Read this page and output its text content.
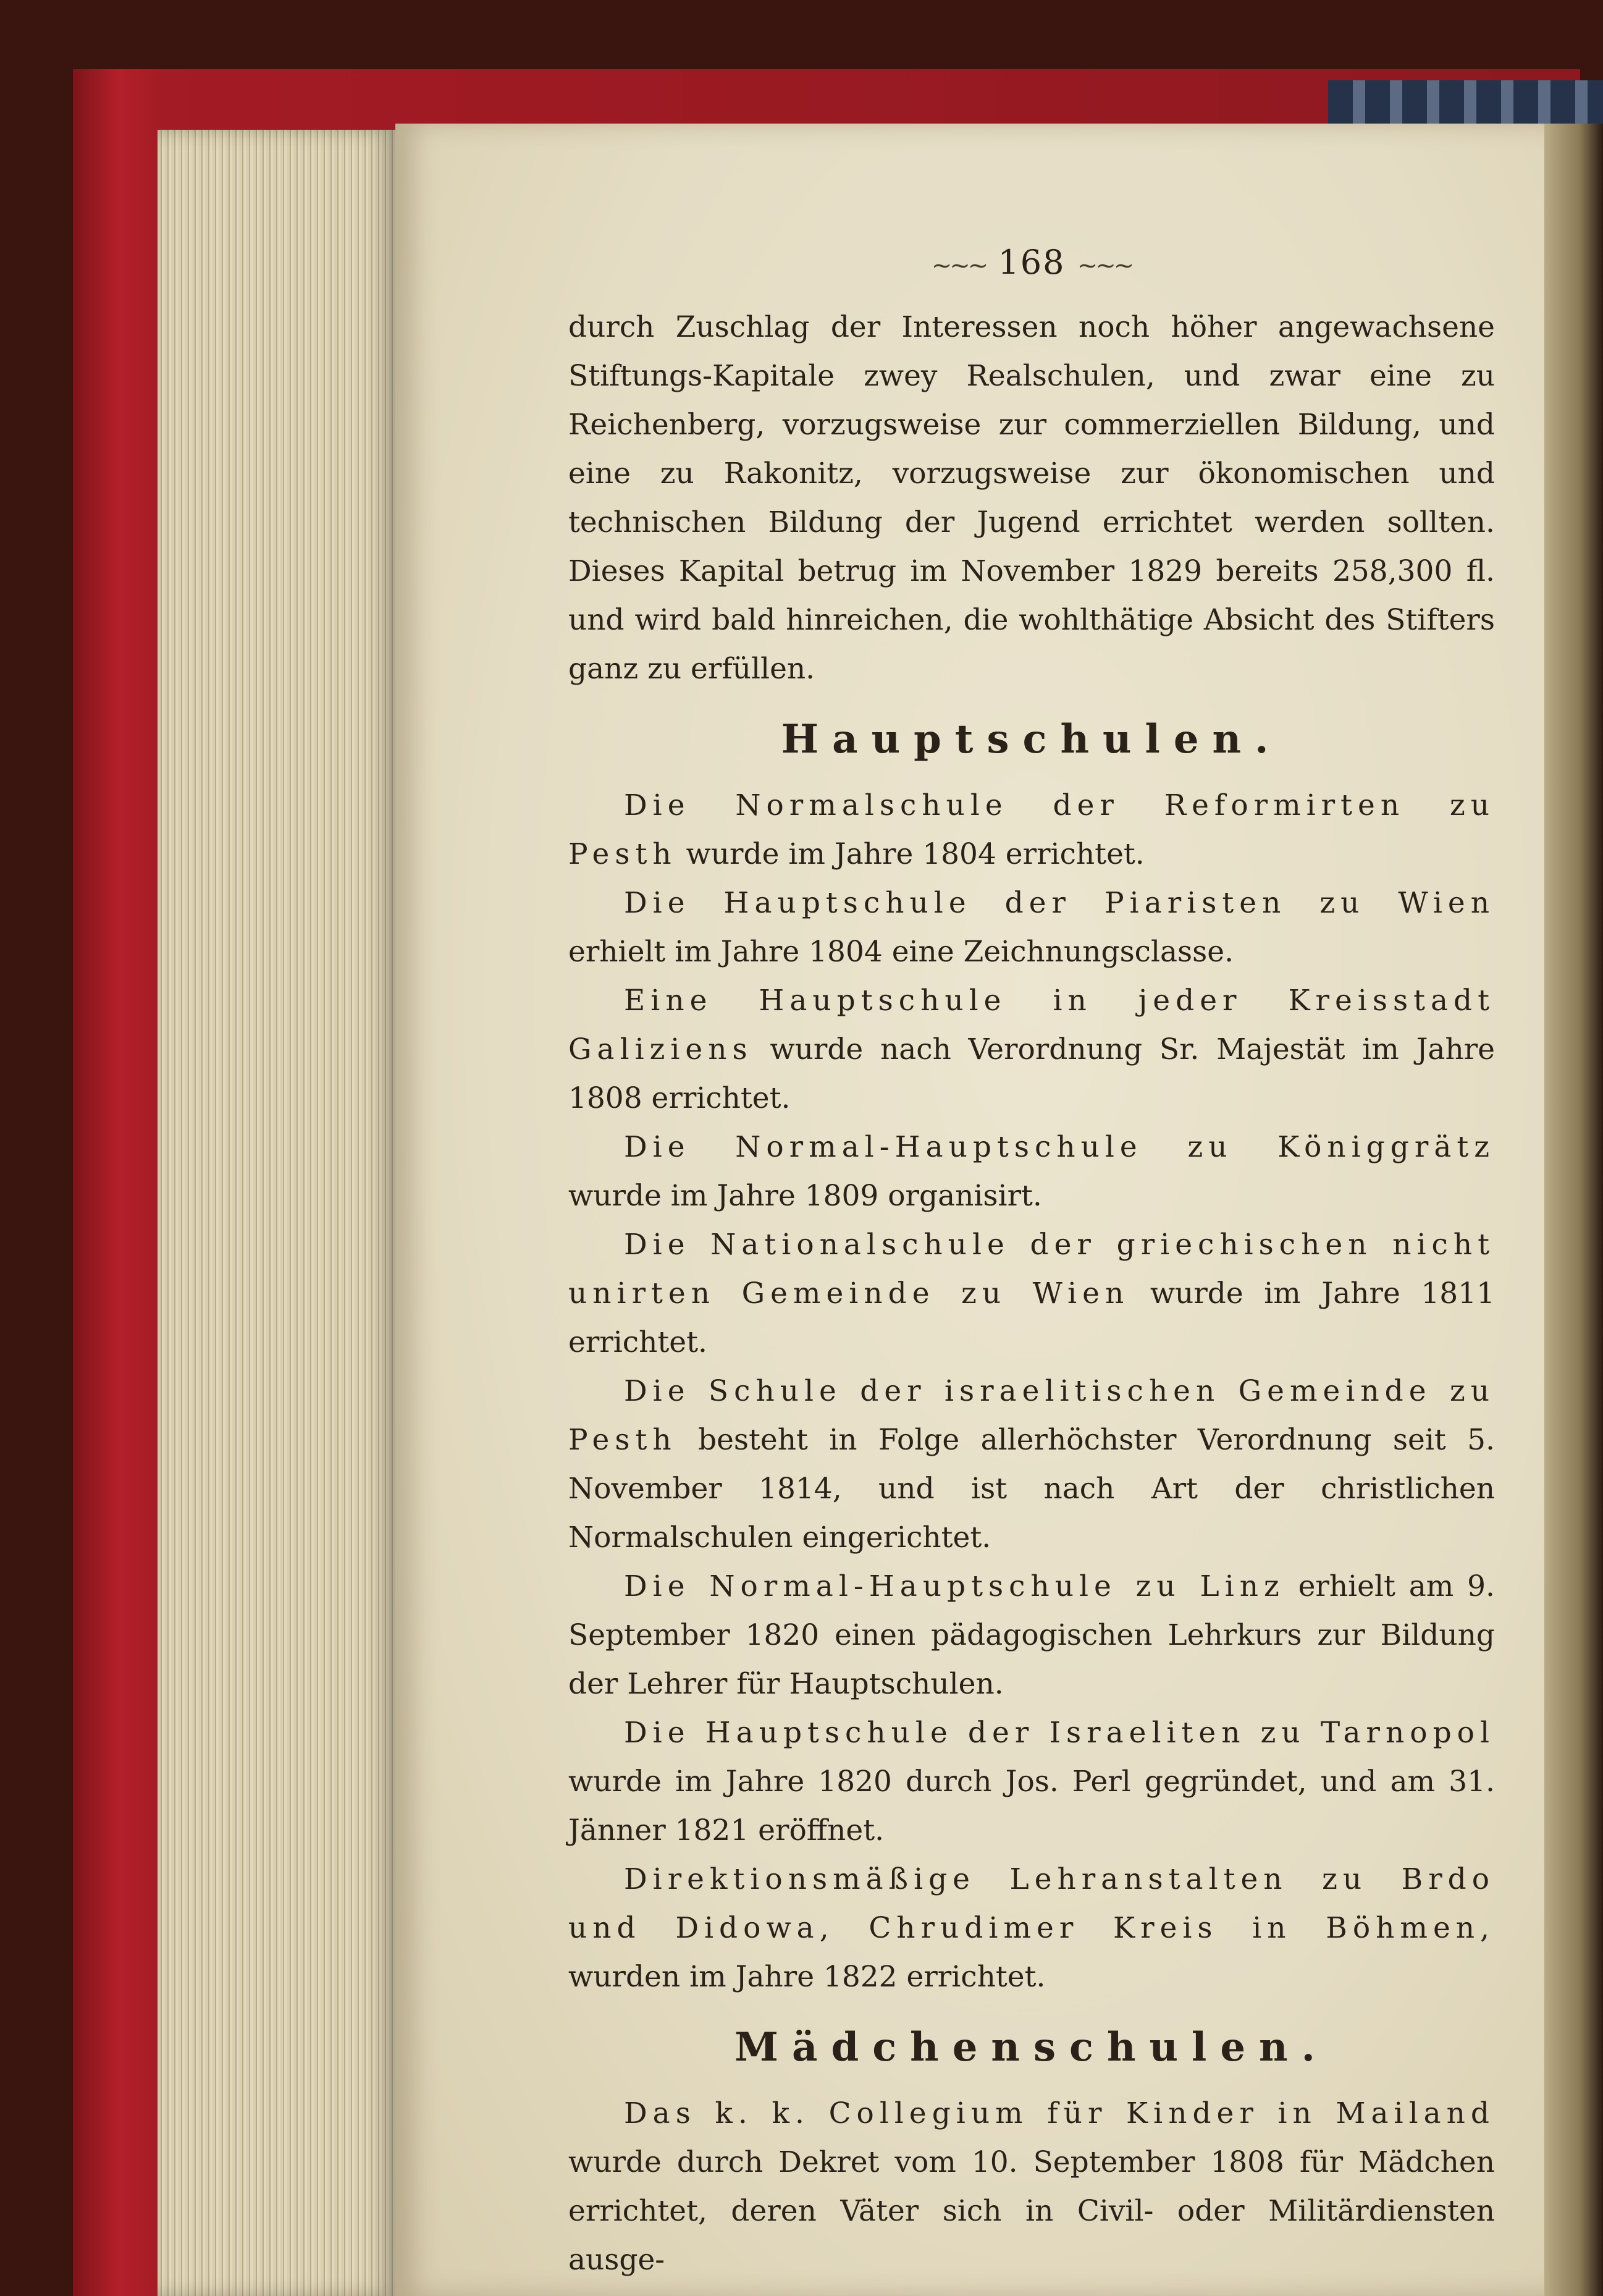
~~~ 168 ~~~

durch Zuschlag der Interessen noch höher angewachsene Stiftungs-Kapitale zwey Realschulen, und zwar eine zu Reichenberg, vorzugsweise zur commerziellen Bildung, und eine zu Rakonitz, vorzugsweise zur ökonomischen und technischen Bildung der Jugend errichtet werden sollten. Dieses Kapital betrug im November 1829 bereits 258,300 fl. und wird bald hinreichen, die wohlthätige Absicht des Stifters ganz zu erfüllen.

Hauptschulen.

Die Normalschule der Reformirten zu Pesth wurde im Jahre 1804 errichtet.

Die Hauptschule der Piaristen zu Wien erhielt im Jahre 1804 eine Zeichnungsclasse.

Eine Hauptschule in jeder Kreisstadt Galiziens wurde nach Verordnung Sr. Majestät im Jahre 1808 errichtet.

Die Normal-Hauptschule zu Königgrätz wurde im Jahre 1809 organisirt.

Die Nationalschule der griechischen nicht unirten Gemeinde zu Wien wurde im Jahre 1811 errichtet.

Die Schule der israelitischen Gemeinde zu Pesth besteht in Folge allerhöchster Verordnung seit 5. November 1814, und ist nach Art der christlichen Normalschulen eingerichtet.

Die Normal-Hauptschule zu Linz erhielt am 9. September 1820 einen pädagogischen Lehrkurs zur Bildung der Lehrer für Hauptschulen.

Die Hauptschule der Israeliten zu Tarnopol wurde im Jahre 1820 durch Jos. Perl gegründet, und am 31. Jänner 1821 eröffnet.

Direktionsmäßige Lehranstalten zu Brdo und Didowa, Chrudimer Kreis in Böhmen, wurden im Jahre 1822 errichtet.

Mädchenschulen.

Das k. k. Collegium für Kinder in Mailand wurde durch Dekret vom 10. September 1808 für Mädchen errichtet, deren Väter sich in Civil- oder Militärdiensten ausge-
